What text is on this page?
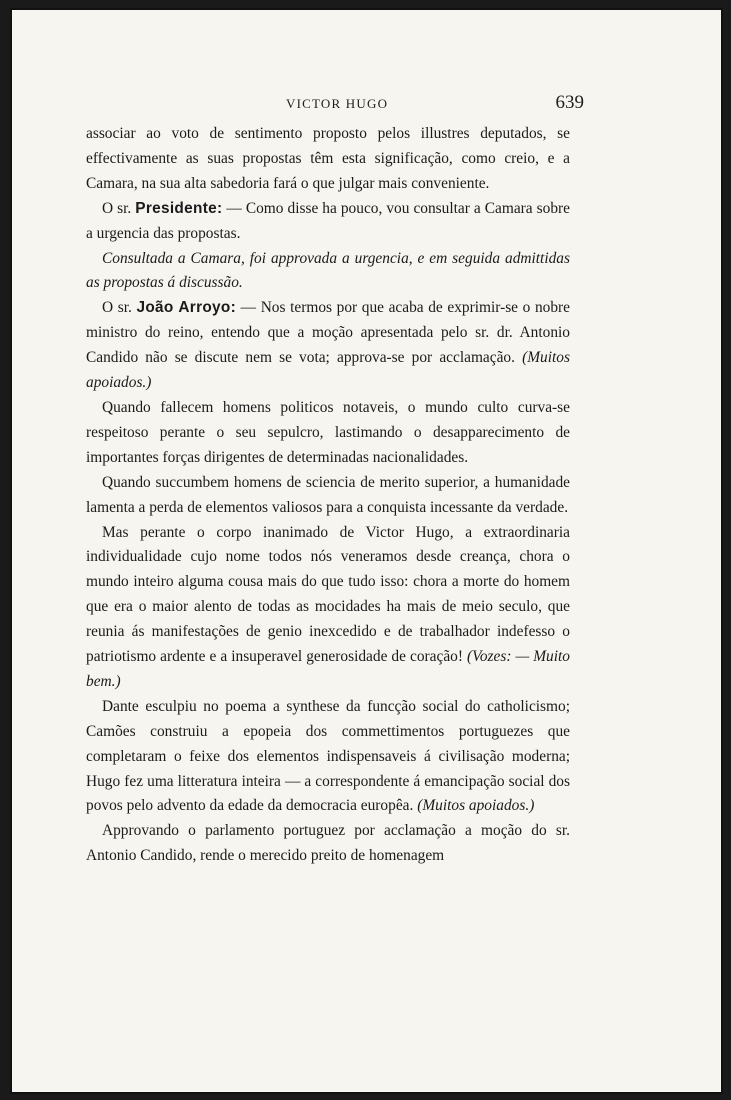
VICTOR HUGO	639

associar ao voto de sentimento proposto pelos illustres deputados, se effectivamente as suas propostas têm esta significação, como creio, e a Camara, na sua alta sabedoria fará o que julgar mais conveniente.

O sr. Presidente: — Como disse ha pouco, vou consultar a Camara sobre a urgencia das propostas.

Consultada a Camara, foi approvada a urgencia, e em seguida admittidas as propostas á discussão.

O sr. João Arroyo: — Nos termos por que acaba de exprimir-se o nobre ministro do reino, entendo que a moção apresentada pelo sr. dr. Antonio Candido não se discute nem se vota; approva-se por acclamação. (Muitos apoiados.)

Quando fallecem homens politicos notaveis, o mundo culto curva-se respeitoso perante o seu sepulcro, lastimando o desapparecimento de importantes forças dirigentes de determinadas nacionalidades.

Quando succumbem homens de sciencia de merito superior, a humanidade lamenta a perda de elementos valiosos para a conquista incessante da verdade.

Mas perante o corpo inanimado de Victor Hugo, a extraordinaria individualidade cujo nome todos nós veneramos desde creança, chora o mundo inteiro alguma cousa mais do que tudo isso: chora a morte do homem que era o maior alento de todas as mocidades ha mais de meio seculo, que reunia ás manifestações de genio inexcedido e de trabalhador indefesso o patriotismo ardente e a insuperavel generosidade de coração! (Vozes: — Muito bem.)

Dante esculpiu no poema a synthese da funcção social do catholicismo; Camões construiu a epopeia dos commettimentos portuguezes que completaram o feixe dos elementos indispensaveis á civilisação moderna; Hugo fez uma litteratura inteira — a correspondente á emancipação social dos povos pelo advento da edade da democracia europêa. (Muitos apoiados.)

Approvando o parlamento portuguez por acclamação a moção do sr. Antonio Candido, rende o merecido preito de homenagem
